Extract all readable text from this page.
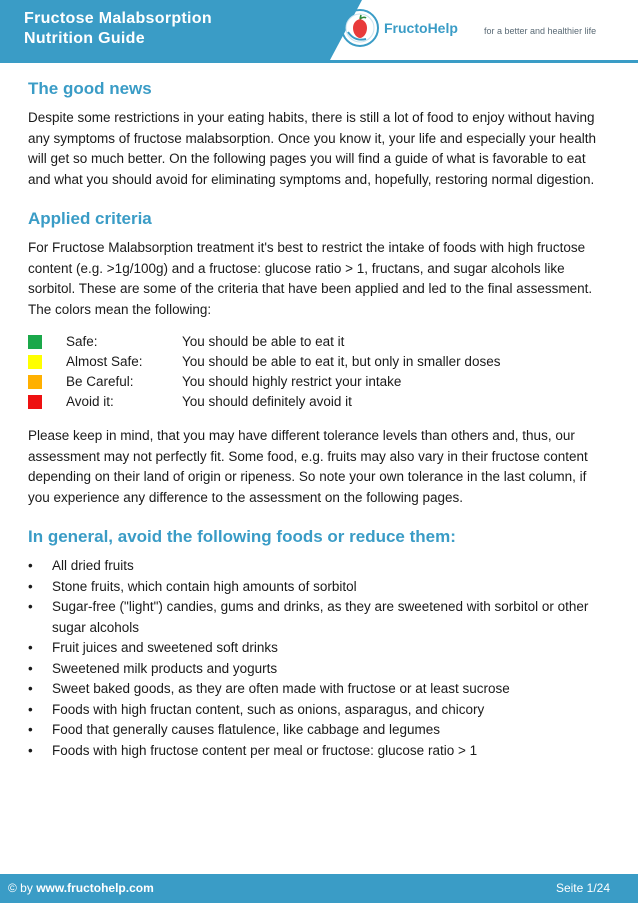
Fructose Malabsorption
Nutrition Guide
FructoHelp	for a better and healthier life
The good news

Despite some restrictions in your eating habits, there is still a lot of food to enjoy without having any symptoms of fructose malabsorption. Once you know it, your life and especially your health will get so much better. On the following pages you will find a guide of what is favorable to eat and what you should avoid for eliminating symptoms and, hopefully, restoring normal digestion.

Applied criteria

For Fructose Malabsorption treatment it's best to restrict the intake of foods with high fructose content (e.g. >1g/100g) and a fructose: glucose ratio > 1, fructans, and sugar alcohols like sorbitol. These are some of the criteria that have been applied and led to the final assessment. The colors mean the following:

Safe:	You should be able to eat it
Almost Safe:	You should be able to eat it, but only in smaller doses
Be Careful:	You should highly restrict your intake
Avoid it:	You should definitely avoid it

Please keep in mind, that you may have different tolerance levels than others and, thus, our assessment may not perfectly fit. Some food, e.g. fruits may also vary in their fructose content depending on their land of origin or ripeness. So note your own tolerance in the last column, if you experience any difference to the assessment on the following pages.

In general, avoid the following foods or reduce them:
• All dried fruits
• Stone fruits, which contain high amounts of sorbitol
• Sugar-free ("light") candies, gums and drinks, as they are sweetened with sorbitol or other sugar alcohols
• Fruit juices and sweetened soft drinks
• Sweetened milk products and yogurts
• Sweet baked goods, as they are often made with fructose or at least sucrose
• Foods with high fructan content, such as onions, asparagus, and chicory
• Food that generally causes flatulence, like cabbage and legumes
• Foods with high fructose content per meal or fructose: glucose ratio > 1
© by www.fructohelp.com	Seite 1/24
